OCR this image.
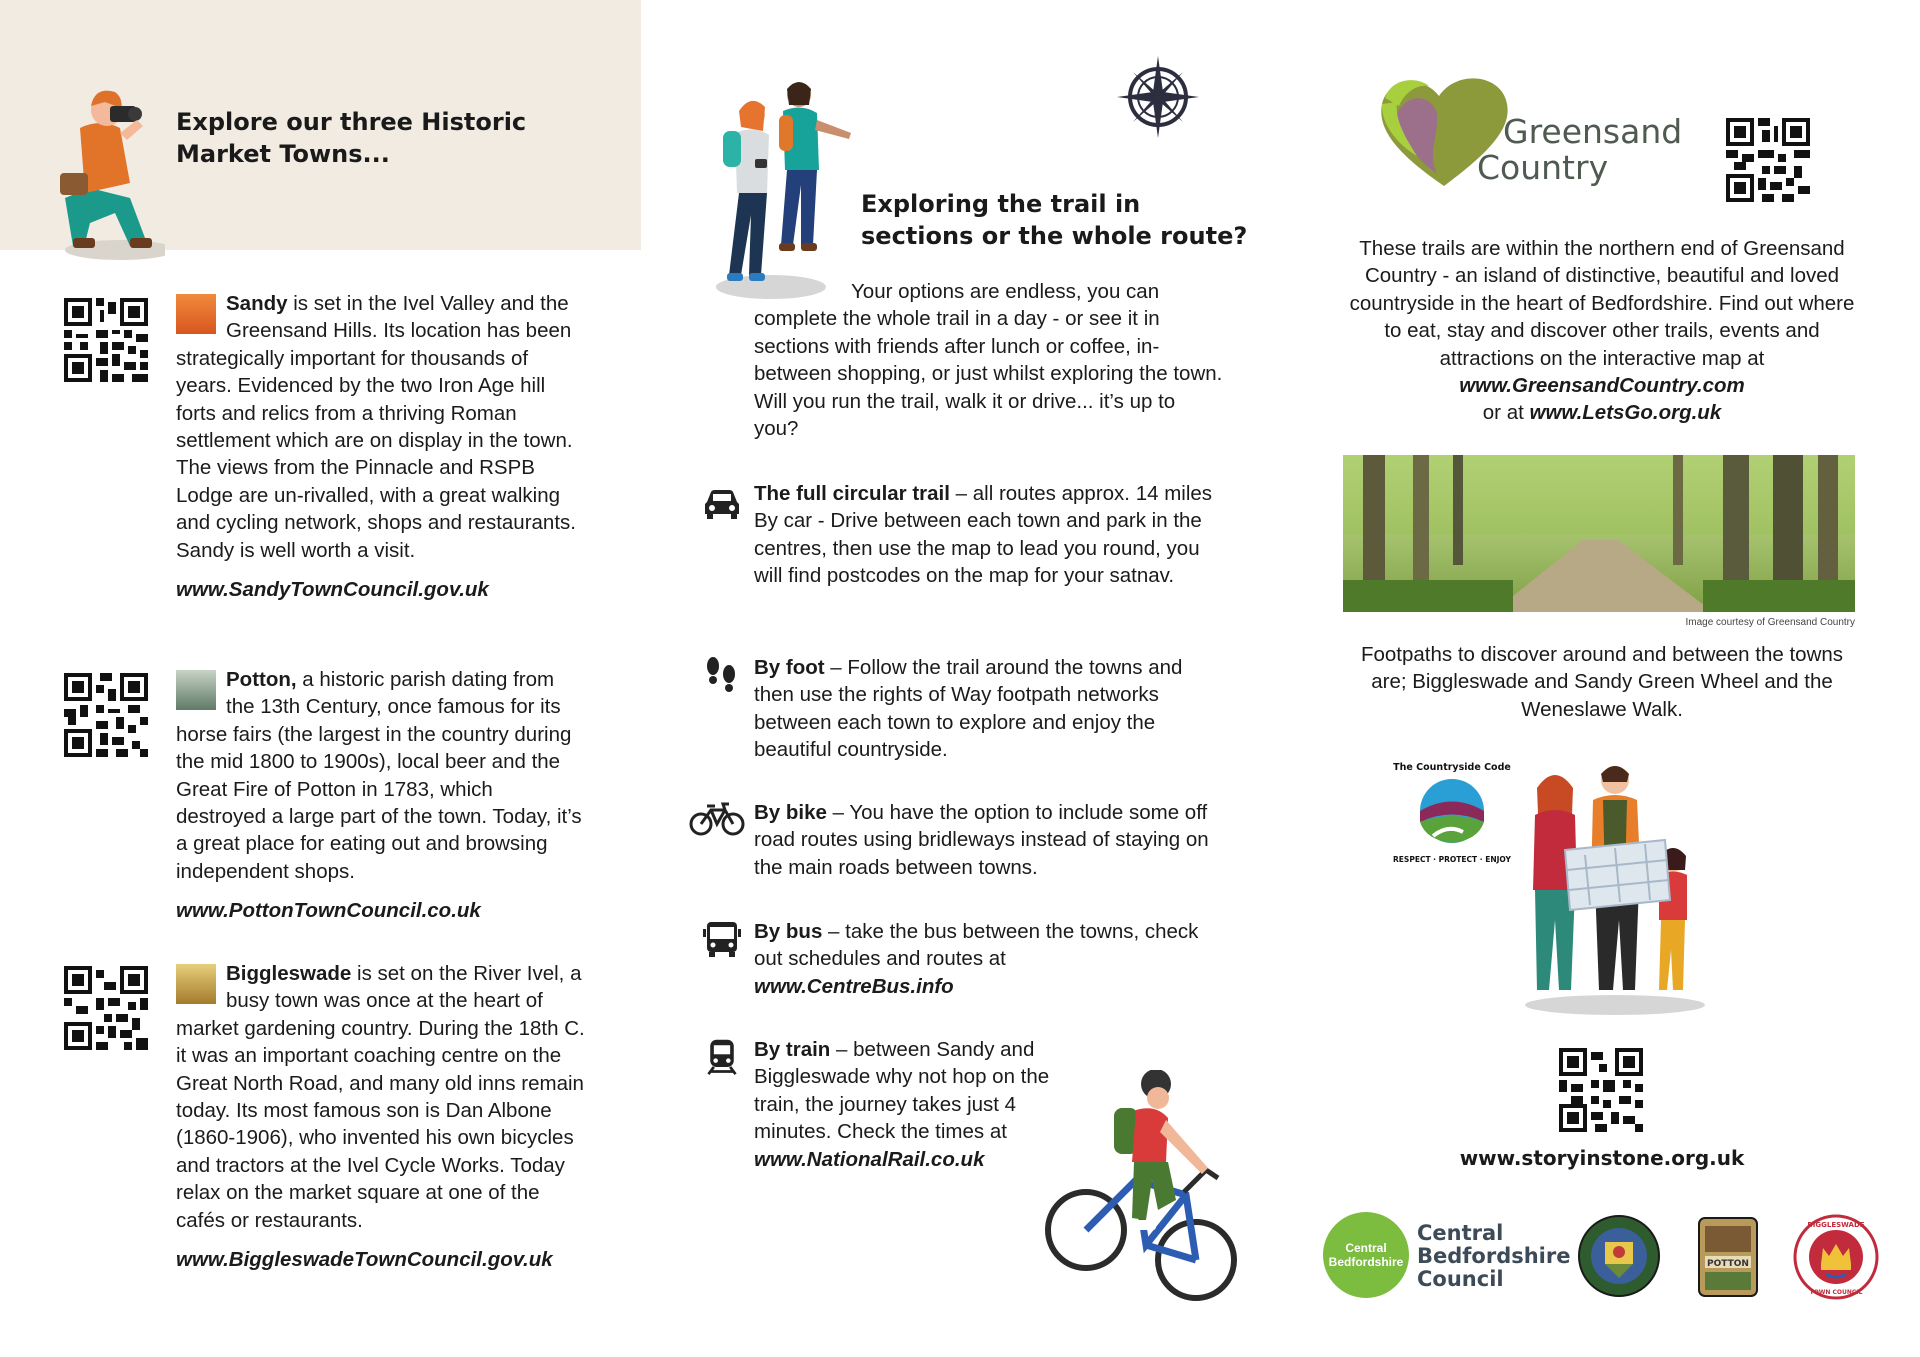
Explore our three Historic
Market Towns...

Sandy is set in the Ivel Valley and the Greensand Hills. Its location has been strategically important for thousands of years. Evidenced by the two Iron Age hill forts and relics from a thriving Roman settlement which are on display in the town. The views from the Pinnacle and RSPB Lodge are un-rivalled, with a great walking and cycling network, shops and restaurants. Sandy is well worth a visit.

www.SandyTownCouncil.gov.uk

Potton, a historic parish dating from the 13th Century, once famous for its horse fairs (the largest in the country during the mid 1800 to 1900s), local beer and the Great Fire of Potton in 1783, which destroyed a large part of the town. Today, it’s a great place for eating out and browsing independent shops.

www.PottonTownCouncil.co.uk

Biggleswade is set on the River Ivel, a busy town was once at the heart of market gardening country. During the 18th C. it was an important coaching centre on the Great North Road, and many old inns remain today. Its most famous son is Dan Albone (1860-1906), who invented his own bicycles and tractors at the Ivel Cycle Works. Today relax on the market square at one of the cafés or restaurants.

www.BiggleswadeTownCouncil.gov.uk

Exploring the trail in
sections or the whole route?

Your options are endless, you can complete the whole trail in a day - or see it in sections with friends after lunch or coffee, in-between shopping, or just whilst exploring the town. Will you run the trail, walk it or drive... it’s up to you?

The full circular trail – all routes approx. 14 miles By car - Drive between each town and park in the centres, then use the map to lead you round, you will find postcodes on the map for your satnav.

By foot – Follow the trail around the towns and then use the rights of Way footpath networks between each town to explore and enjoy the beautiful countryside.

By bike – You have the option to include some off road routes using bridleways instead of staying on the main roads between towns.

By bus – take the bus between the towns, check out schedules and routes at

www.CentreBus.info

By train – between Sandy and Biggleswade why not hop on the train, the journey takes just 4 minutes. Check the times at

www.NationalRail.co.uk

Greensand
Country

These trails are within the northern end of Greensand Country - an island of distinctive, beautiful and loved countryside in the heart of Bedfordshire. Find out where to eat, stay and discover other trails, events and attractions on the interactive map at www.GreensandCountry.com
or at www.LetsGo.org.uk

Image courtesy of Greensand Country

Footpaths to discover around and between the towns are; Biggleswade and Sandy Green Wheel and the Weneslawe Walk.

The Countryside Code
RESPECT · PROTECT · ENJOY
www.storyinstone.org.uk
Central
Bedfordshire
Central
Bedfordshire
Council
POTTON
BIGGLESWADE
TOWN COUNCIL
